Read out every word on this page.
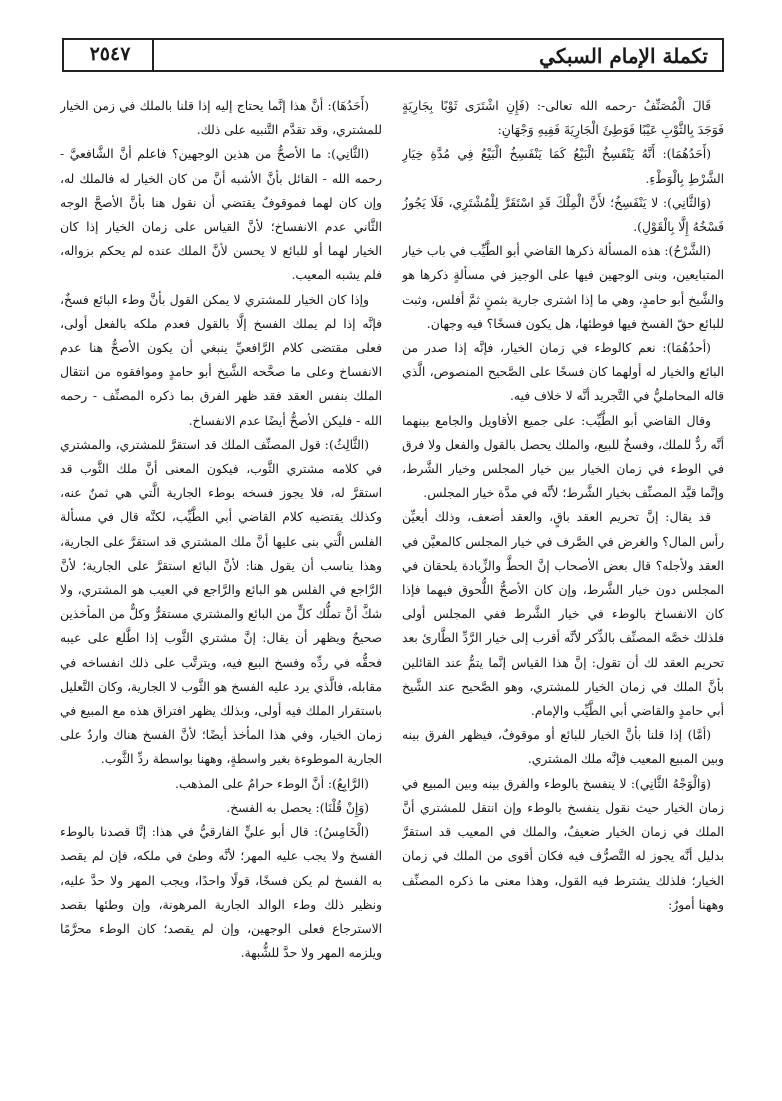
تكملة الإمام السبكي
٢٥٤٧

قَالَ الْمُصَنِّفُ -رحمه الله تعالى-: (فَإِنِ اشْتَرَى ثَوْبًا بِجَارِيَةٍ فَوَجَدَ بِالثَّوْبِ عَيْبًا فَوَطِئَ الْجَارِيَةَ فَفِيهِ وَجْهَانِ:

(أَحَدُهُمَا): أَنَّهُ يَنْفَسِخُ الْبَيْعُ كَمَا يَنْفَسِخُ الْبَيْعُ فِي مُدَّةِ خِيَارِ الشَّرْطِ بِالْوَطْءِ.

(وَالثَّانِي): لا يَنْفَسِخُ؛ لأَنَّ الْمِلْكَ قَدِ اسْتَقَرَّ لِلْمُشْتَرِي، فَلَا يَجُوزُ فَسْخُهُ إِلَّا بِالْقَوْلِ).

(الشَّرْحُ): هذه المسألة ذكرها القاضي أبو الطَّيِّب في باب خيار المتبايعين، وبنى الوجهين فيها على الوجيز في مسألةٍ ذكرها هو والشَّيخ أبو حامدٍ، وهي ما إذا اشترى جارية بثمنٍ ثمَّ أفلس، وثبت للبائع حقّ الفسخ فيها فوطئها، هل يكون فسخًا؟ فيه وجهان.

(أحدُهُمَا): نعم كالوطء في زمان الخيار، فإنَّه إذا صدر من البائع والخيار له أولهما كان فسخًا على الصَّحيح المنصوص، الَّذي قاله المحامليُّ في التَّجريد أنَّه لا خلاف فيه.

وقال القاضي أبو الطَّيِّب: على جميع الأقاويل والجامع بينهما أنَّه ردٌّ للملك، وفسخٌ للبيع، والملك يحصل بالقول والفعل ولا فرق في الوطء في زمان الخيار بين خيار المجلس وخيار الشَّرط، وإنَّما قيَّد المصنِّف بخيار الشَّرط؛ لأنَّه في مدَّة خيار المجلس.

قد يقال: إنَّ تحريم العقد باقٍ، والعقد أضعف، وذلك أيعيِّن رأس المال؟ والغرض في الصَّرف في خيار المجلس كالمعيَّن في العقد ولأجله؟ قال بعض الأصحاب إنَّ الحطَّ والزِّيادة يلحقان في المجلس دون خيار الشَّرط، وإن كان الأصحُّ اللُّحوق فيهما فإذا كان الانفساخ بالوطء في خيار الشَّرط ففي المجلس أولى فلذلك خصَّه المصنِّف بالذِّكر لأنَّه أقرب إلى خيار الرَّدِّ الطَّارئ بعد تحريم العقد لك أن تقول: إنَّ هذا القياس إنَّما يتمُّ عند القائلين بأنَّ الملك في زمان الخيار للمشتري، وهو الصَّحيح عند الشَّيخ أبي حامدٍ والقاضي أبي الطَّيِّب والإمام.

(أمَّا) إذا قلنا بأنَّ الخيار للبائع أو موقوفٌ، فيظهر الفرق بينه وبين المبيع المعيب فإنَّه ملك المشتري.

(وَالْوَجْهُ الثَّانِي): لا ينفسخ بالوطء والفرق بينه وبين المبيع في زمان الخيار حيث نقول ينفسخ بالوطء وإن انتقل للمشتري أنَّ الملك في زمان الخيار ضعيفٌ، والملك في المعيب قد استقرَّ بدليل أنَّه يجوز له التَّصرُّف فيه فكان أقوى من الملك في زمان الخيار؛ فلذلك يشترط فيه القول، وهذا معنى ما ذكره المصنِّف وههنا أمورٌ:

(أَحَدُهَا): أنَّ هذا إنَّما يحتاج إليه إذا قلنا بالملك في زمن الخيار للمشتري، وقد تقدَّم التَّنبيه على ذلك.

(الثَّانِي): ما الأصحُّ من هذين الوجهين؟ فاعلم أنَّ الشَّافعيَّ - رحمه الله - القائل بأنَّ الأشبه أنَّ من كان الخيار له فالملك له، وإن كان لهما فموقوفٌ يقتضي أن نقول هنا بأنَّ الأصحَّ الوجه الثَّاني عدم الانفساخ؛ لأنَّ القياس على زمان الخيار إذا كان الخيار لهما أو للبائع لا يحسن لأنَّ الملك عنده لم يحكم بزواله، فلم يشبه المعيب.

وإذا كان الخيار للمشتري لا يمكن القول بأنَّ وطء البائع فسخٌ، فإنَّه إذا لم يملك الفسخ إلَّا بالقول فعدم ملكه بالفعل أولى، فعلى مقتضى كلام الرَّافعيِّ ينبغي أن يكون الأصحُّ هنا عدم الانفساخ وعلى ما صحَّحه الشَّيخ أبو حامدٍ وموافقوه من انتقال الملك بنفس العقد فقد ظهر الفرق بما ذكره المصنِّف - رحمه الله - فليكن الأصحُّ أيضًا عدم الانفساخ.

(الثَّالِثُ): قول المصنِّف الملك قد استقرَّ للمشتري، والمشتري في كلامه مشتري الثَّوب، فيكون المعنى أنَّ ملك الثَّوب قد استقرَّ له، فلا يجوز فسخه بوطء الجارية الَّتي هي ثمنٌ عنه، وكذلك يقتضيه كلام القاضي أبي الطَّيِّب، لكنَّه قال في مسألة الفلس الَّتي بنى عليها أنَّ ملك المشتري قد استقرَّ على الجارية، وهذا يناسب أن يقول هنا: لأنَّ البائع استقرَّ على الجارية؛ لأنَّ الرَّاجع في الفلس هو البائع والرَّاجع في العيب هو المشتري، ولا شكَّ أنَّ تملُّك كلٍّ من البائع والمشتري مستقرٌّ وكلٌّ من المأخذين صحيحٌ ويظهر أن يقال: إنَّ مشتري الثَّوب إذا اطَّلع على عيبه فحقُّه في ردِّه وفسخ البيع فيه، ويترتَّب على ذلك انفساخه في مقابله، فالَّذي يرد عليه الفسخ هو الثَّوب لا الجارية، وكان التَّعليل باستقرار الملك فيه أولى، وبذلك يظهر افتراق هذه مع المبيع في زمان الخيار، وفي هذا المأخذ أيضًا؛ لأنَّ الفسخ هناك واردٌ على الجارية الموطوءة بغير واسطةٍ، وههنا بواسطة ردِّ الثَّوب.

(الرَّابِعُ): أنَّ الوطء حرامٌ على المذهب.

(وَإِنْ قُلْنَا): يحصل به الفسخ.

(الْخَامِسُ): قال أبو عليٍّ الفارقيُّ في هذا: إنَّا قصدنا بالوطء الفسخ ولا يجب عليه المهر؛ لأنَّه وطئ في ملكه، فإن لم يقصد به الفسخ لم يكن فسخًا، قولًا واحدًا، ويجب المهر ولا حدَّ عليه، ونظير ذلك وطء الوالد الجارية المرهونة، وإن وطئها بقصد الاسترجاع فعلى الوجهين، وإن لم يقصد؛ كان الوطء محرَّمًا ويلزمه المهر ولا حدَّ للشُّبهة.
